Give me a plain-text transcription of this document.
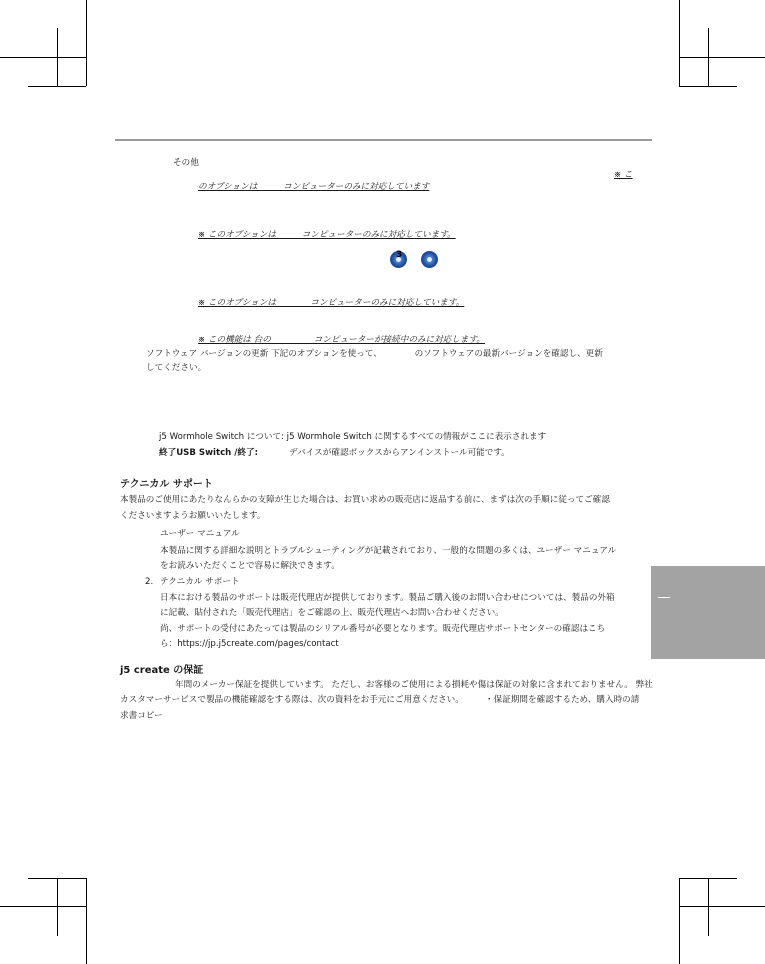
その他
※ こ
のオプションは　　　コンピューターのみに対応しています
※ このオプションは　　　コンピューターのみに対応しています。
3
※ このオプションは　　　　コンピューターのみに対応しています。
※ この機能は 台の　　　　　コンピューターが接続中のみに対応します。
ソフトウェア バージョンの更新 下記のオプションを使って、　　　　 のソフトウェアの最新バージョンを確認し、更新
してください。
j5 Wormhole Switch について: j5 Wormhole Switch に関するすべての情報がここに表示されます
終了USB Switch /終了:	デバイスが確認ボックスからアンインストール可能です。
テクニカル サポート
本製品のご使用にあたりなんらかの支障が生じた場合は、お買い求めの販売店に返品する前に、まずは次の手順に従ってご確認
くださいますようお願いいたします。
ユーザー マニュアル
本製品に関する詳細な説明とトラブルシューティングが記載されており、一般的な問題の多くは、ユーザー マニュアル
をお読みいただくことで容易に解決できます。
2. テクニカル サポート
日本における製品のサポートは販売代理店が提供しております。製品ご購入後のお問い合わせについては、製品の外箱
に記載、貼付された「販売代理店」をご確認の上、販売代理店へお問い合わせください。
尚、サポートの受付にあたっては製品のシリアル番号が必要となります。販売代理店サポートセンターの確認はこち
ら：https://jp.j5create.com/pages/contact
j5 create の保証
年間のメーカー保証を提供しています。 ただし、お客様のご使用による損耗や傷は保証の対象に含まれておりません。 弊社
カスタマーサービスで製品の機能確認をする際は、次の資料をお手元にご用意ください。 ・保証期間を確認するため、購入時の請
求書コピー
